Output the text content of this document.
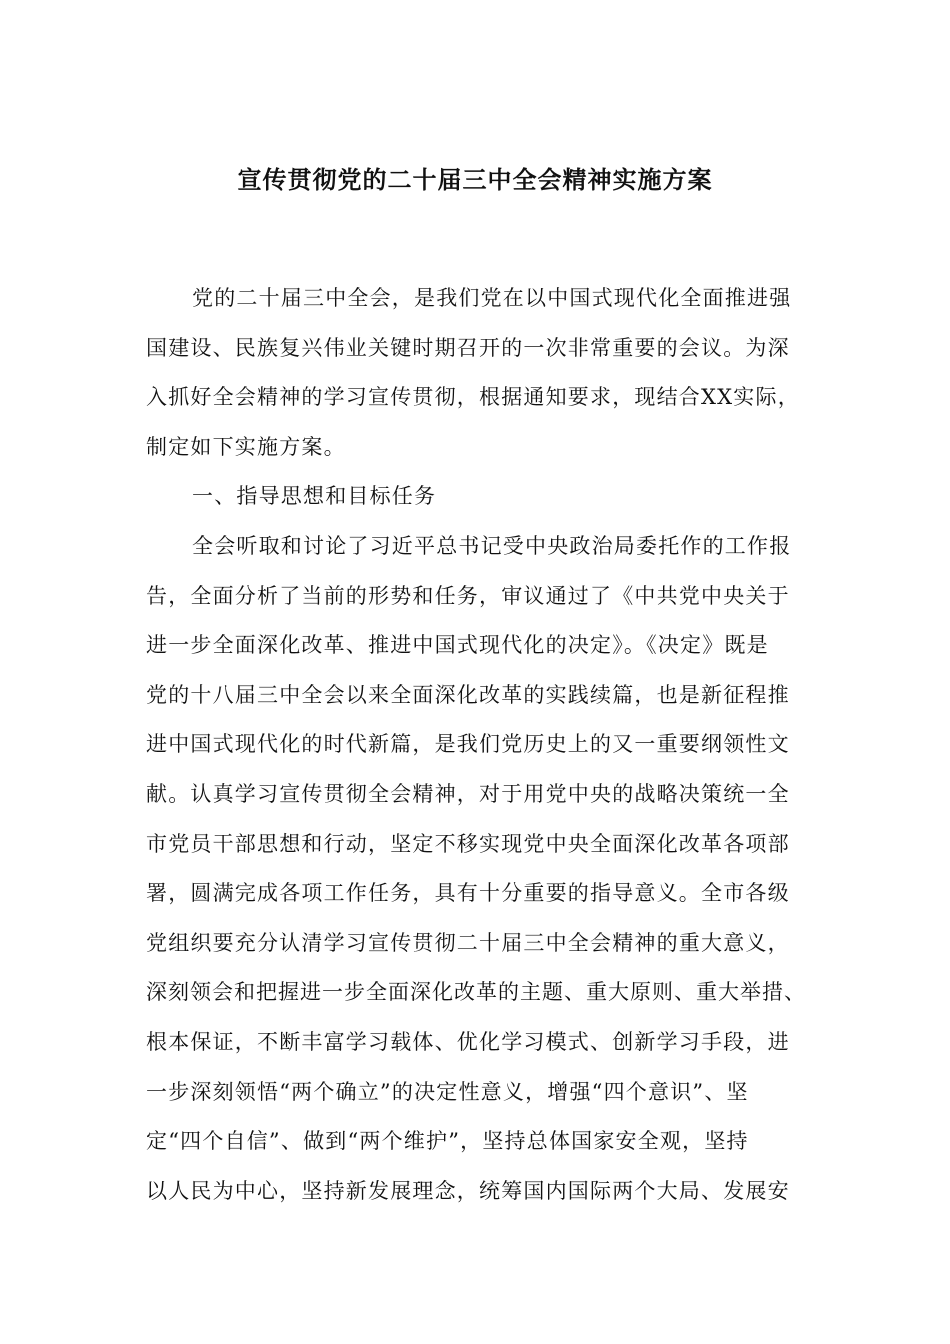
宣传贯彻党的二十届三中全会精神实施方案
党的二十届三中全会，是我们党在以中国式现代化全面推进强
国建设、民族复兴伟业关键时期召开的一次非常重要的会议。为深
入抓好全会精神的学习宣传贯彻，根据通知要求，现结合XX实际，
制定如下实施方案。
一、指导思想和目标任务
全会听取和讨论了习近平总书记受中央政治局委托作的工作报
告，全面分析了当前的形势和任务，审议通过了《中共党中央关于
进一步全面深化改革、推进中国式现代化的决定》。《决定》既是
党的十八届三中全会以来全面深化改革的实践续篇，也是新征程推
进中国式现代化的时代新篇，是我们党历史上的又一重要纲领性文
献。认真学习宣传贯彻全会精神，对于用党中央的战略决策统一全
市党员干部思想和行动，坚定不移实现党中央全面深化改革各项部
署，圆满完成各项工作任务，具有十分重要的指导意义。全市各级
党组织要充分认清学习宣传贯彻二十届三中全会精神的重大意义，
深刻领会和把握进一步全面深化改革的主题、重大原则、重大举措、
根本保证，不断丰富学习载体、优化学习模式、创新学习手段，进
一步深刻领悟“两个确立”的决定性意义，增强“四个意识”、坚
定“四个自信”、做到“两个维护”，坚持总体国家安全观，坚持
以人民为中心，坚持新发展理念，统筹国内国际两个大局、发展安
